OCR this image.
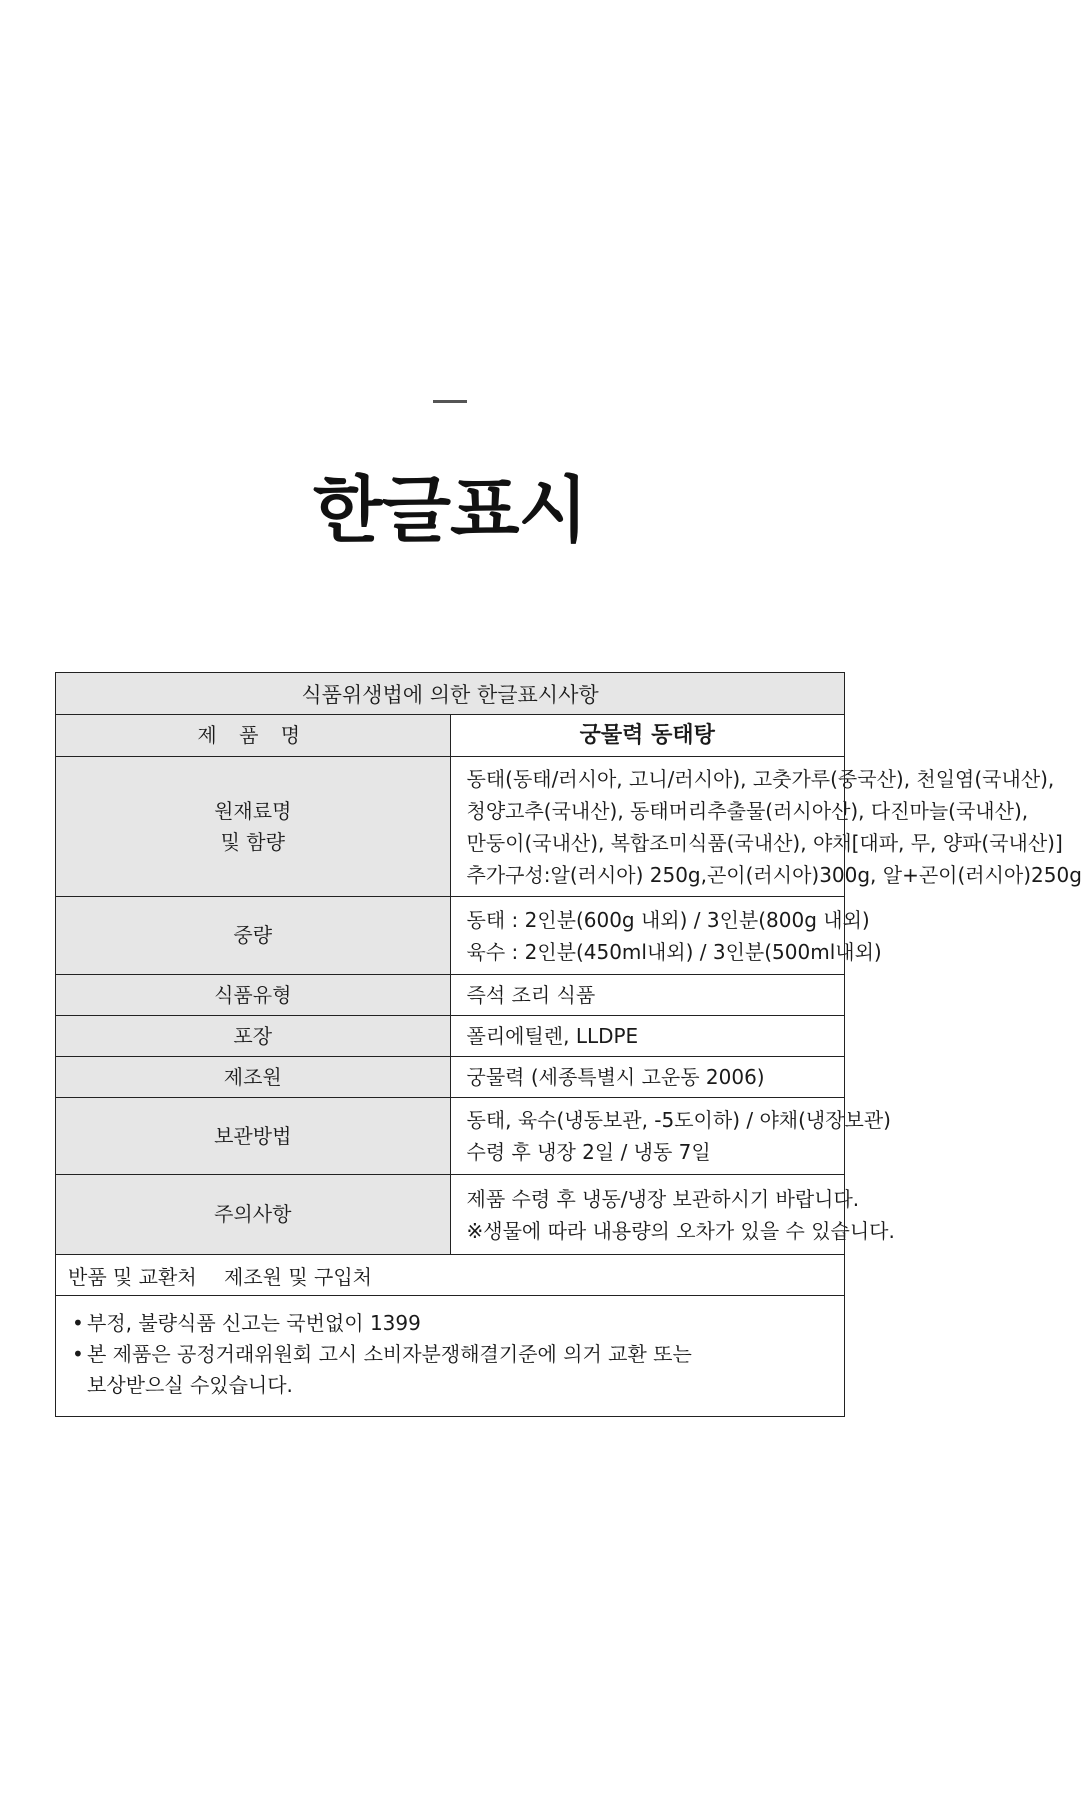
한글표시
식품위생법에 의한 한글표시사항	
제 품 명	궁물력 동태탕

원재료명
및 함량	동태(동태/러시아, 고니/러시아), 고춧가루(중국산), 천일염(국내산),
청양고추(국내산), 동태머리추출물(러시아산), 다진마늘(국내산),
만둥이(국내산), 복합조미식품(국내산), 야채[대파, 무, 양파(국내산)]
추가구성:알(러시아) 250g,곤이(러시아)300g, 알+곤이(러시아)250g

중량	동태 : 2인분(600g 내외) / 3인분(800g 내외)
육수 : 2인분(450ml내외) / 3인분(500ml내외)

식품유형	즉석 조리 식품

포장	폴리에틸렌, LLDPE

제조원	궁물력 (세종특별시 고운동 2006)

보관방법	동태, 육수(냉동보관, -5도이하) / 야채(냉장보관)
수령 후 냉장 2일 / 냉동 7일

주의사항	제품 수령 후 냉동/냉장 보관하시기 바랍니다.
※생물에 따라 내용량의 오차가 있을 수 있습니다.

반품 및 교환처 제조원 및 구입처	

• 부정, 불량식품 신고는 국번없이 1399
• 본 제품은 공정거래위원회 고시 소비자분쟁해결기준에 의거 교환 또는
보상받으실 수있습니다.	
